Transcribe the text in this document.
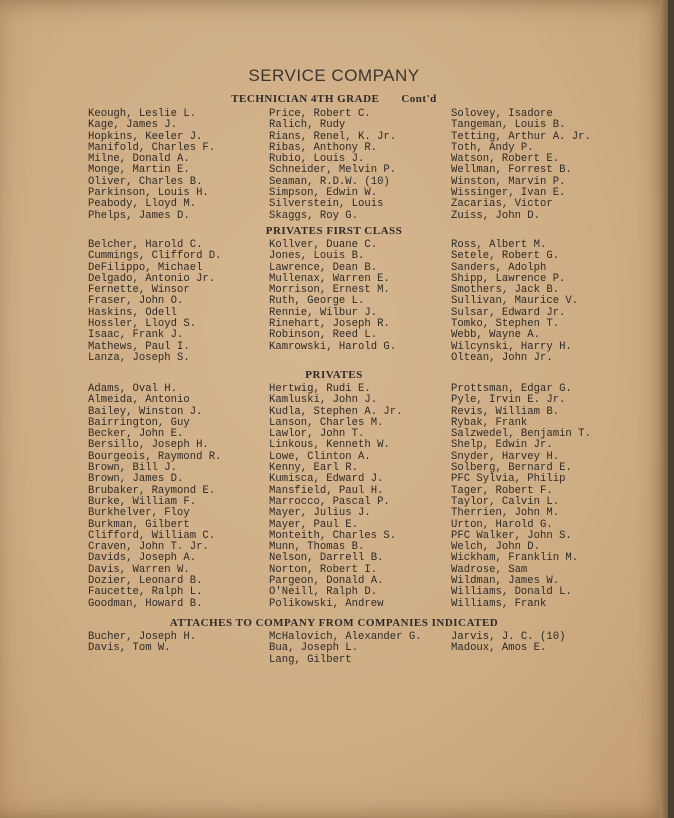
SERVICE COMPANY
TECHNICIAN 4TH GRADE Cont'd
Keough, Leslie L.
Kage, James J.
Hopkins, Keeler J.
Manifold, Charles F.
Milne, Donald A.
Monge, Martin E.
Oliver, Charles B.
Parkinson, Louis H.
Peabody, Lloyd M.
Phelps, James D.
Price, Robert C.
Ralich, Rudy
Rians, Renel, K. Jr.
Ribas, Anthony R.
Rubio, Louis J.
Schneider, Melvin P.
Seaman, R.D.W. (10)
Simpson, Edwin W.
Silverstein, Louis
Skaggs, Roy G.
Solovey, Isadore
Tangeman, Louis B.
Tetting, Arthur A. Jr.
Toth, Andy P.
Watson, Robert E.
Wellman, Forrest B.
Winston, Marvin P.
Wissinger, Ivan E.
Zacarias, Victor
Zuiss, John D.
PRIVATES FIRST CLASS
Belcher, Harold C.
Cummings, Clifford D.
DeFilippo, Michael
Delgado, Antonio Jr.
Fernette, Winsor
Fraser, John O.
Haskins, Odell
Hossler, Lloyd S.
Isaac, Frank J.
Mathews, Paul I.
Lanza, Joseph S.
Kollver, Duane C.
Jones, Louis B.
Lawrence, Dean B.
Mullenax, Warren E.
Morrison, Ernest M.
Ruth, George L.
Rennie, Wilbur J.
Rinehart, Joseph R.
Robinson, Reed L.
Kamrowski, Harold G.
Ross, Albert M.
Setele, Robert G.
Sanders, Adolph
Shipp, Lawrence P.
Smothers, Jack B.
Sullivan, Maurice V.
Sulsar, Edward Jr.
Tomko, Stephen T.
Webb, Wayne A.
Wilcynski, Harry H.
Oltean, John Jr.
PRIVATES
Adams, Oval H.
Almeida, Antonio
Bailey, Winston J.
Bairrington, Guy
Becker, John E.
Bersillo, Joseph H.
Bourgeois, Raymond R.
Brown, Bill J.
Brown, James D.
Brubaker, Raymond E.
Burke, William F.
Burkhelver, Floy
Burkman, Gilbert
Clifford, William C.
Craven, John T. Jr.
Davids, Joseph A.
Davis, Warren W.
Dozier, Leonard B.
Faucette, Ralph L.
Goodman, Howard B.
Hertwig, Rudi E.
Kamluski, John J.
Kudla, Stephen A. Jr.
Lanson, Charles M.
Lawlor, John T.
Linkous, Kenneth W.
Lowe, Clinton A.
Kenny, Earl R.
Kumisca, Edward J.
Mansfield, Paul H.
Marrocco, Pascal P.
Mayer, Julius J.
Mayer, Paul E.
Monteith, Charles S.
Munn, Thomas B.
Nelson, Darrell B.
Norton, Robert I.
Pargeon, Donald A.
O'Neill, Ralph D.
Polikowski, Andrew
Prottsman, Edgar G.
Pyle, Irvin E. Jr.
Revis, William B.
Rybak, Frank
Salzwedel, Benjamin T.
Shelp, Edwin Jr.
Snyder, Harvey H.
Solberg, Bernard E.
PFC Sylvia, Philip
Tager, Robert F.
Taylor, Calvin L.
Therrien, John M.
Urton, Harold G.
PFC Walker, John S.
Welch, John D.
Wickham, Franklin M.
Wadrose, Sam
Wildman, James W.
Williams, Donald L.
Williams, Frank
ATTACHES TO COMPANY FROM COMPANIES INDICATED
Bucher, Joseph H.
Davis, Tom W.
McHalovich, Alexander G.
Bua, Joseph L.
Lang, Gilbert
Jarvis, J. C. (10)
Madoux, Amos E.
